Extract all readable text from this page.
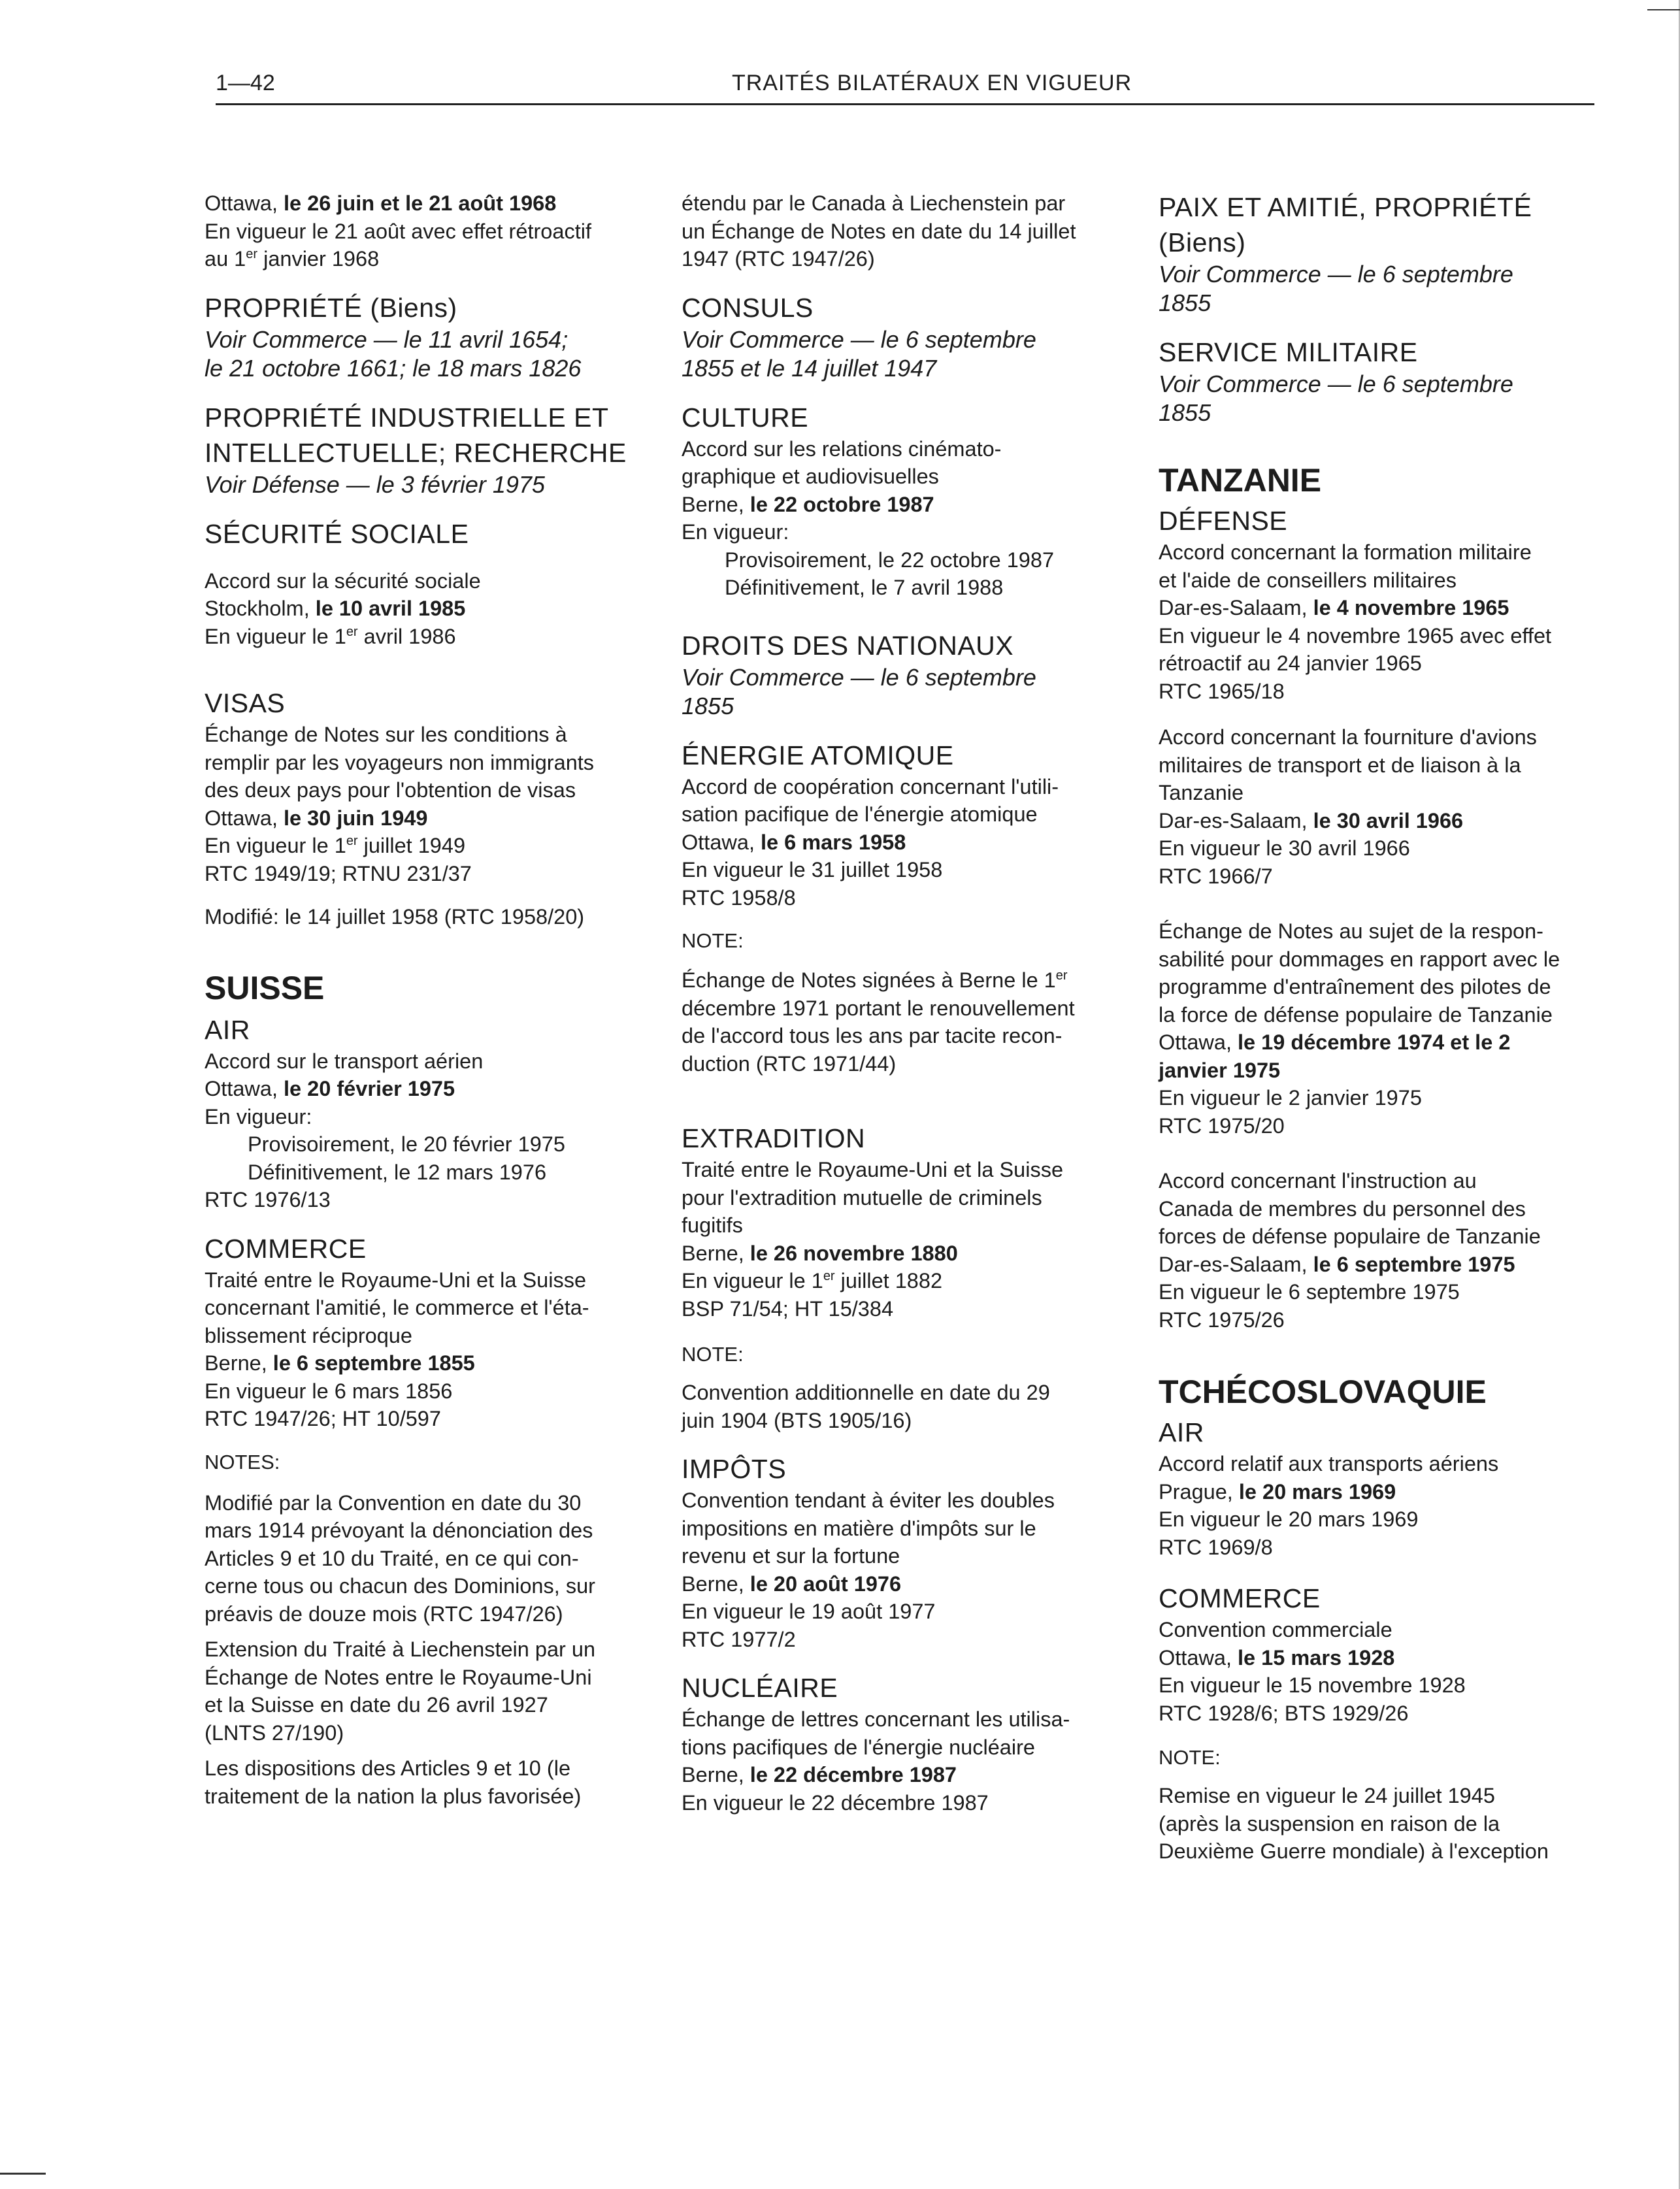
1—42	TRAITÉS BILATÉRAUX EN VIGUEUR

Ottawa, le 26 juin et le 21 août 1968

En vigueur le 21 août avec effet rétroactif

au 1er janvier 1968

PROPRIÉTÉ (Biens)

Voir Commerce — le 11 avril 1654;

le 21 octobre 1661; le 18 mars 1826

PROPRIÉTÉ INDUSTRIELLE ET
INTELLECTUELLE; RECHERCHE

Voir Défense — le 3 février 1975

SÉCURITÉ SOCIALE

Accord sur la sécurité sociale

Stockholm, le 10 avril 1985

En vigueur le 1er avril 1986

VISAS

Échange de Notes sur les conditions à

remplir par les voyageurs non immigrants

des deux pays pour l'obtention de visas

Ottawa, le 30 juin 1949

En vigueur le 1er juillet 1949

RTC 1949/19; RTNU 231/37

Modifié: le 14 juillet 1958 (RTC 1958/20)

SUISSE
AIR

Accord sur le transport aérien

Ottawa, le 20 février 1975

En vigueur:

Provisoirement, le 20 février 1975

Définitivement, le 12 mars 1976

RTC 1976/13

COMMERCE

Traité entre le Royaume-Uni et la Suisse

concernant l'amitié, le commerce et l'éta-

blissement réciproque

Berne, le 6 septembre 1855

En vigueur le 6 mars 1856

RTC 1947/26; HT 10/597

NOTES:

Modifié par la Convention en date du 30

mars 1914 prévoyant la dénonciation des

Articles 9 et 10 du Traité, en ce qui con-

cerne tous ou chacun des Dominions, sur

préavis de douze mois (RTC 1947/26)

Extension du Traité à Liechenstein par un

Échange de Notes entre le Royaume-Uni

et la Suisse en date du 26 avril 1927

(LNTS 27/190)

Les dispositions des Articles 9 et 10 (le

traitement de la nation la plus favorisée)

étendu par le Canada à Liechenstein par

un Échange de Notes en date du 14 juillet

1947 (RTC 1947/26)

CONSULS

Voir Commerce — le 6 septembre

1855 et le 14 juillet 1947

CULTURE

Accord sur les relations cinémato-

graphique et audiovisuelles

Berne, le 22 octobre 1987

En vigueur:

Provisoirement, le 22 octobre 1987

Définitivement, le 7 avril 1988

DROITS DES NATIONAUX

Voir Commerce — le 6 septembre

1855

ÉNERGIE ATOMIQUE

Accord de coopération concernant l'utili-

sation pacifique de l'énergie atomique

Ottawa, le 6 mars 1958

En vigueur le 31 juillet 1958

RTC 1958/8

NOTE:

Échange de Notes signées à Berne le 1er

décembre 1971 portant le renouvellement

de l'accord tous les ans par tacite recon-

duction (RTC 1971/44)

EXTRADITION

Traité entre le Royaume-Uni et la Suisse

pour l'extradition mutuelle de criminels

fugitifs

Berne, le 26 novembre 1880

En vigueur le 1er juillet 1882

BSP 71/54; HT 15/384

NOTE:

Convention additionnelle en date du 29

juin 1904 (BTS 1905/16)

IMPÔTS

Convention tendant à éviter les doubles

impositions en matière d'impôts sur le

revenu et sur la fortune

Berne, le 20 août 1976

En vigueur le 19 août 1977

RTC 1977/2

NUCLÉAIRE

Échange de lettres concernant les utilisa-

tions pacifiques de l'énergie nucléaire

Berne, le 22 décembre 1987

En vigueur le 22 décembre 1987

PAIX ET AMITIÉ, PROPRIÉTÉ
(Biens)

Voir Commerce — le 6 septembre

1855

SERVICE MILITAIRE

Voir Commerce — le 6 septembre

1855

TANZANIE
DÉFENSE

Accord concernant la formation militaire

et l'aide de conseillers militaires

Dar-es-Salaam, le 4 novembre 1965

En vigueur le 4 novembre 1965 avec effet

rétroactif au 24 janvier 1965

RTC 1965/18

Accord concernant la fourniture d'avions

militaires de transport et de liaison à la

Tanzanie

Dar-es-Salaam, le 30 avril 1966

En vigueur le 30 avril 1966

RTC 1966/7

Échange de Notes au sujet de la respon-

sabilité pour dommages en rapport avec le

programme d'entraînement des pilotes de

la force de défense populaire de Tanzanie

Ottawa, le 19 décembre 1974 et le 2

janvier 1975

En vigueur le 2 janvier 1975

RTC 1975/20

Accord concernant l'instruction au

Canada de membres du personnel des

forces de défense populaire de Tanzanie

Dar-es-Salaam, le 6 septembre 1975

En vigueur le 6 septembre 1975

RTC 1975/26

TCHÉCOSLOVAQUIE
AIR

Accord relatif aux transports aériens

Prague, le 20 mars 1969

En vigueur le 20 mars 1969

RTC 1969/8

COMMERCE

Convention commerciale

Ottawa, le 15 mars 1928

En vigueur le 15 novembre 1928

RTC 1928/6; BTS 1929/26

NOTE:

Remise en vigueur le 24 juillet 1945

(après la suspension en raison de la

Deuxième Guerre mondiale) à l'exception
